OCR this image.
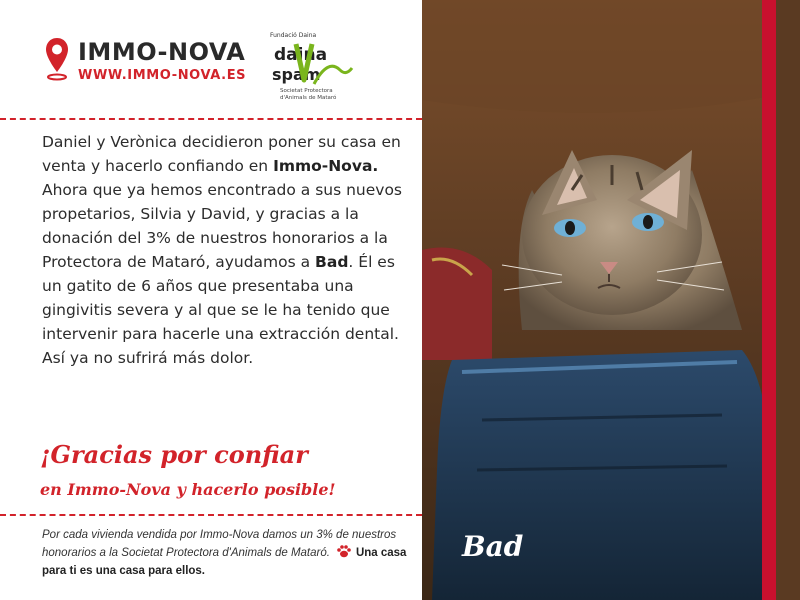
IMMO-NOVA
WWW.IMMO-NOVA.ES
Fundació Daina
daina
spam
Societat Protectora
d'Animals de Mataró
Daniel y Verònica decidieron poner su casa en venta y hacerlo confiando en Immo-Nova. Ahora que ya hemos encontrado a sus nuevos propetarios, Silvia y David, y gracias a la donación del 3% de nuestros honorarios a la Protectora de Mataró, ayudamos a Bad. Él es un gatito de 6 años que presentaba una gingivitis severa y al que se le ha tenido que intervenir para hacerle una extracción dental. Así ya no sufrirá más dolor.
¡Gracias por confiar
en Immo-Nova y hacerlo posible!
Por cada vivienda vendida por Immo-Nova damos un 3% de nuestros honorarios a la Societat Protectora d'Animals de Mataró. Una casa para ti es una casa para ellos.
Bad
